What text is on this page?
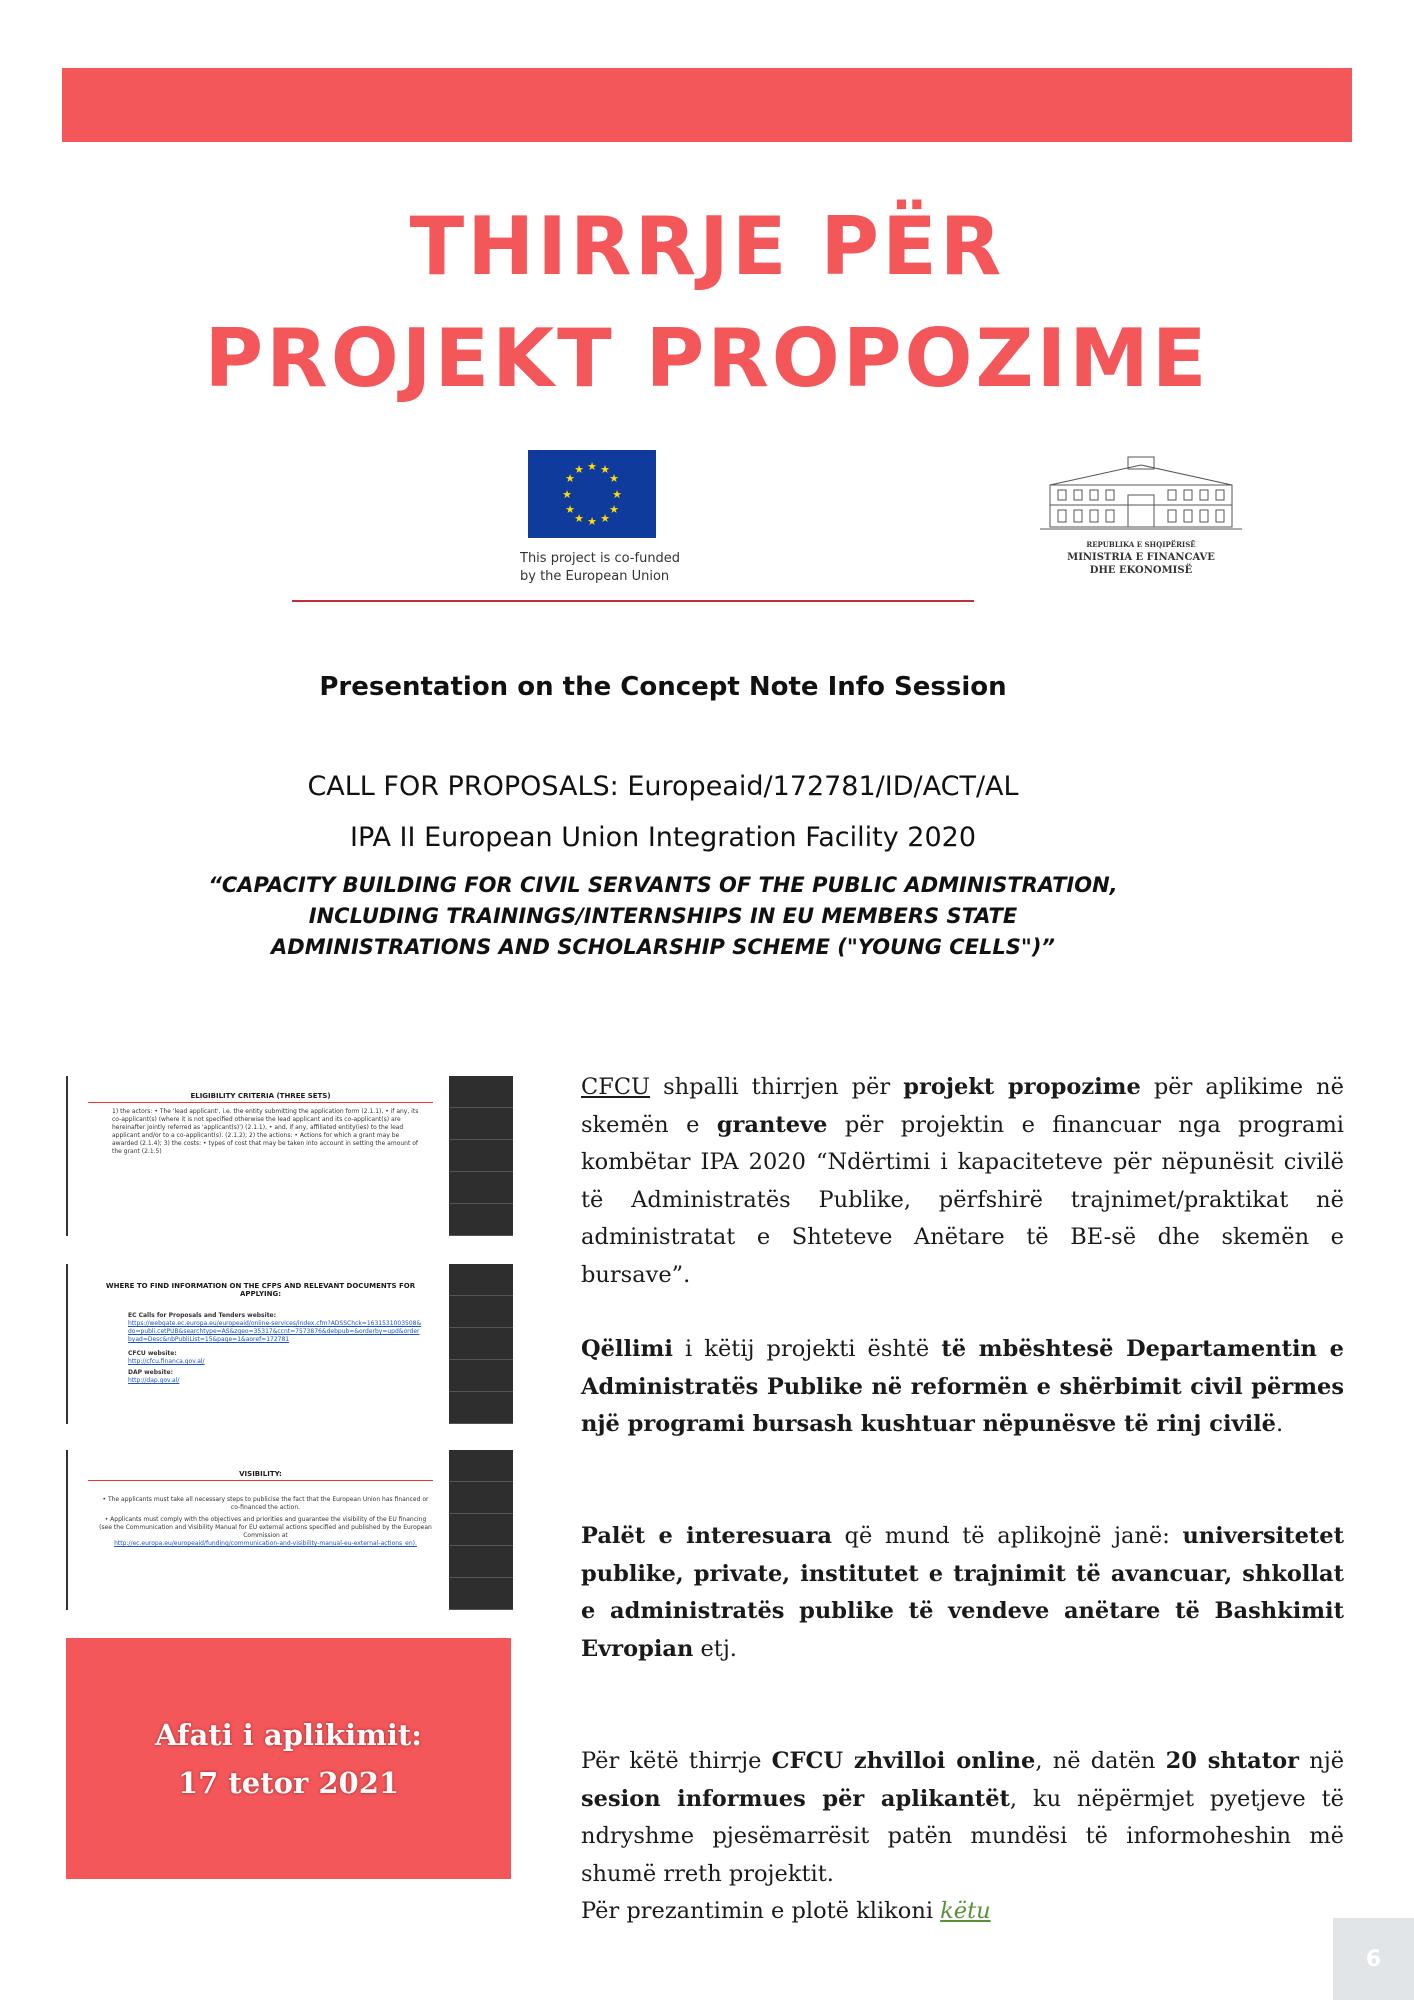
THIRRJE PËR
PROJEKT PROPOZIME
★ ★
★
★
★
★
★
★
★
★
★
★
This project is co-funded
by the European Union
REPUBLIKA E SHQIPËRISË
MINISTRIA E FINANCAVE
DHE EKONOMISË
Presentation on the Concept Note Info Session
CALL FOR PROPOSALS: Europeaid/172781/ID/ACT/AL
IPA II European Union Integration Facility 2020
“CAPACITY BUILDING FOR CIVIL SERVANTS OF THE PUBLIC ADMINISTRATION,
INCLUDING TRAININGS/INTERNSHIPS IN EU MEMBERS STATE
ADMINISTRATIONS AND SCHOLARSHIP SCHEME ("YOUNG CELLS")”
ELIGIBILITY CRITERIA (THREE SETS)
1) the actors: • The 'lead applicant', i.e. the entity submitting the application form (2.1.1), • if any, its co-applicant(s) (where it is not specified otherwise the lead applicant and its co-applicant(s) are hereinafter jointly referred as 'applicant(s)') (2.1.1), • and, if any, affiliated entity(ies) to the lead applicant and/or to a co-applicant(s). (2.1.2); 2) the actions: • Actions for which a grant may be awarded (2.1.4); 3) the costs: • types of cost that may be taken into account in setting the amount of the grant (2.1.5)
WHERE TO FIND INFORMATION ON THE CFPS AND RELEVANT DOCUMENTS FOR APPLYING:
EC Calls for Proposals and Tenders website:
https://webgate.ec.europa.eu/europeaid/online-services/index.cfm?ADSSChck=1631531003508&do=publi.cetPUB&searchtype=AS&zgeo=35317&ccnt=7573876&debpub=&orderby=upd&orderbyad=Desc&nbPubliList=15&page=1&aoref=172781
CFCU website:
http://cfcu.financa.gov.al/
DAP website:
http://dap.gov.al/
VISIBILITY:
• The applicants must take all necessary steps to publicise the fact that the European Union has financed or co-financed the action.
• Applicants must comply with the objectives and priorities and guarantee the visibility of the EU financing (see the Communication and Visibility Manual for EU external actions specified and published by the European Commission at
http://ec.europa.eu/europeaid/funding/communication-and-visibility-manual-eu-external-actions_en).
Afati i aplikimit:
17 tetor 2021
CFCU shpalli thirrjen për projekt propozime për aplikime në skemën e granteve për projektin e financuar nga programi kombëtar IPA 2020 “Ndërtimi i kapaciteteve për nëpunësit civilë të Administratës Publike, përfshirë trajnimet/praktikat në administratat e Shteteve Anëtare të BE-së dhe skemën e bursave”.
Qëllimi i këtij projekti është të mbështesë Departamentin e Administratës Publike në reformën e shërbimit civil përmes një programi bursash kushtuar nëpunësve të rinj civilë.
Palët e interesuara që mund të aplikojnë janë: universitetet publike, private, institutet e trajnimit të avancuar, shkollat e administratës publike të vendeve anëtare të Bashkimit Evropian etj.
Për këtë thirrje CFCU zhvilloi online, në datën 20 shtator një sesion informues për aplikantët, ku nëpërmjet pyetjeve të ndryshme pjesëmarrësit patën mundësi të informoheshin më shumë rreth projektit.
Për prezantimin e plotë klikoni këtu
6
